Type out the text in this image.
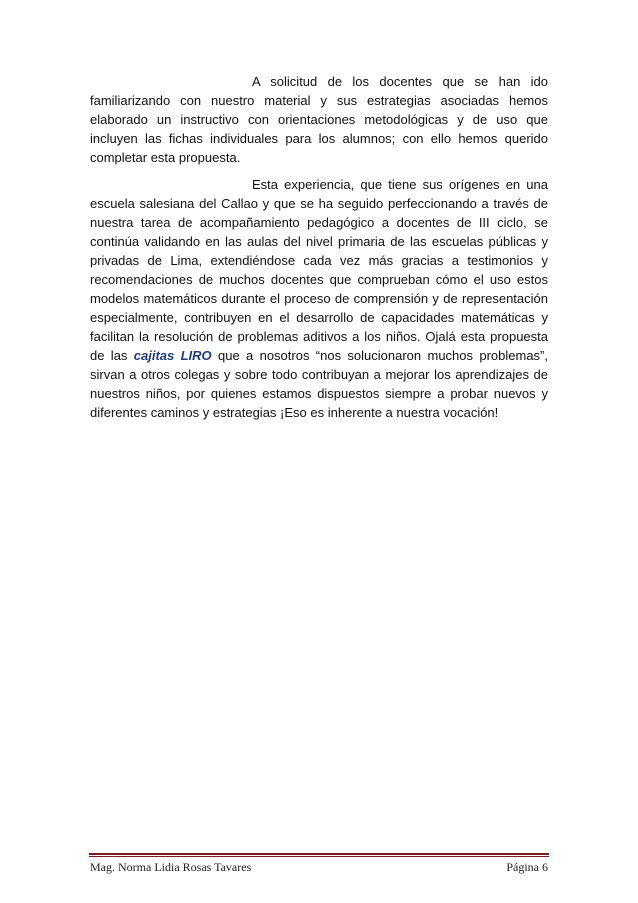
A solicitud de los docentes que se han ido familiarizando con nuestro material y sus estrategias asociadas hemos elaborado un instructivo con orientaciones metodológicas y de uso que incluyen las fichas individuales para los alumnos; con ello hemos querido completar esta propuesta.

Esta experiencia, que tiene sus orígenes en una escuela salesiana del Callao y que se ha seguido perfeccionando a través de nuestra tarea de acompañamiento pedagógico a docentes de III ciclo, se continúa validando en las aulas del nivel primaria de las escuelas públicas y privadas de Lima, extendiéndose cada vez más gracias a testimonios y recomendaciones de muchos docentes que comprueban cómo el uso estos modelos matemáticos durante el proceso de comprensión y de representación especialmente, contribuyen en el desarrollo de capacidades matemáticas y facilitan la resolución de problemas aditivos a los niños. Ojalá esta propuesta de las cajitas LIRO que a nosotros “nos solucionaron muchos problemas”, sirvan a otros colegas y sobre todo contribuyan a mejorar los aprendizajes de nuestros niños, por quienes estamos dispuestos siempre a probar nuevos y diferentes caminos y estrategias ¡Eso es inherente a nuestra vocación!

Mag. Norma Lidia Rosas Tavares	Página 6
